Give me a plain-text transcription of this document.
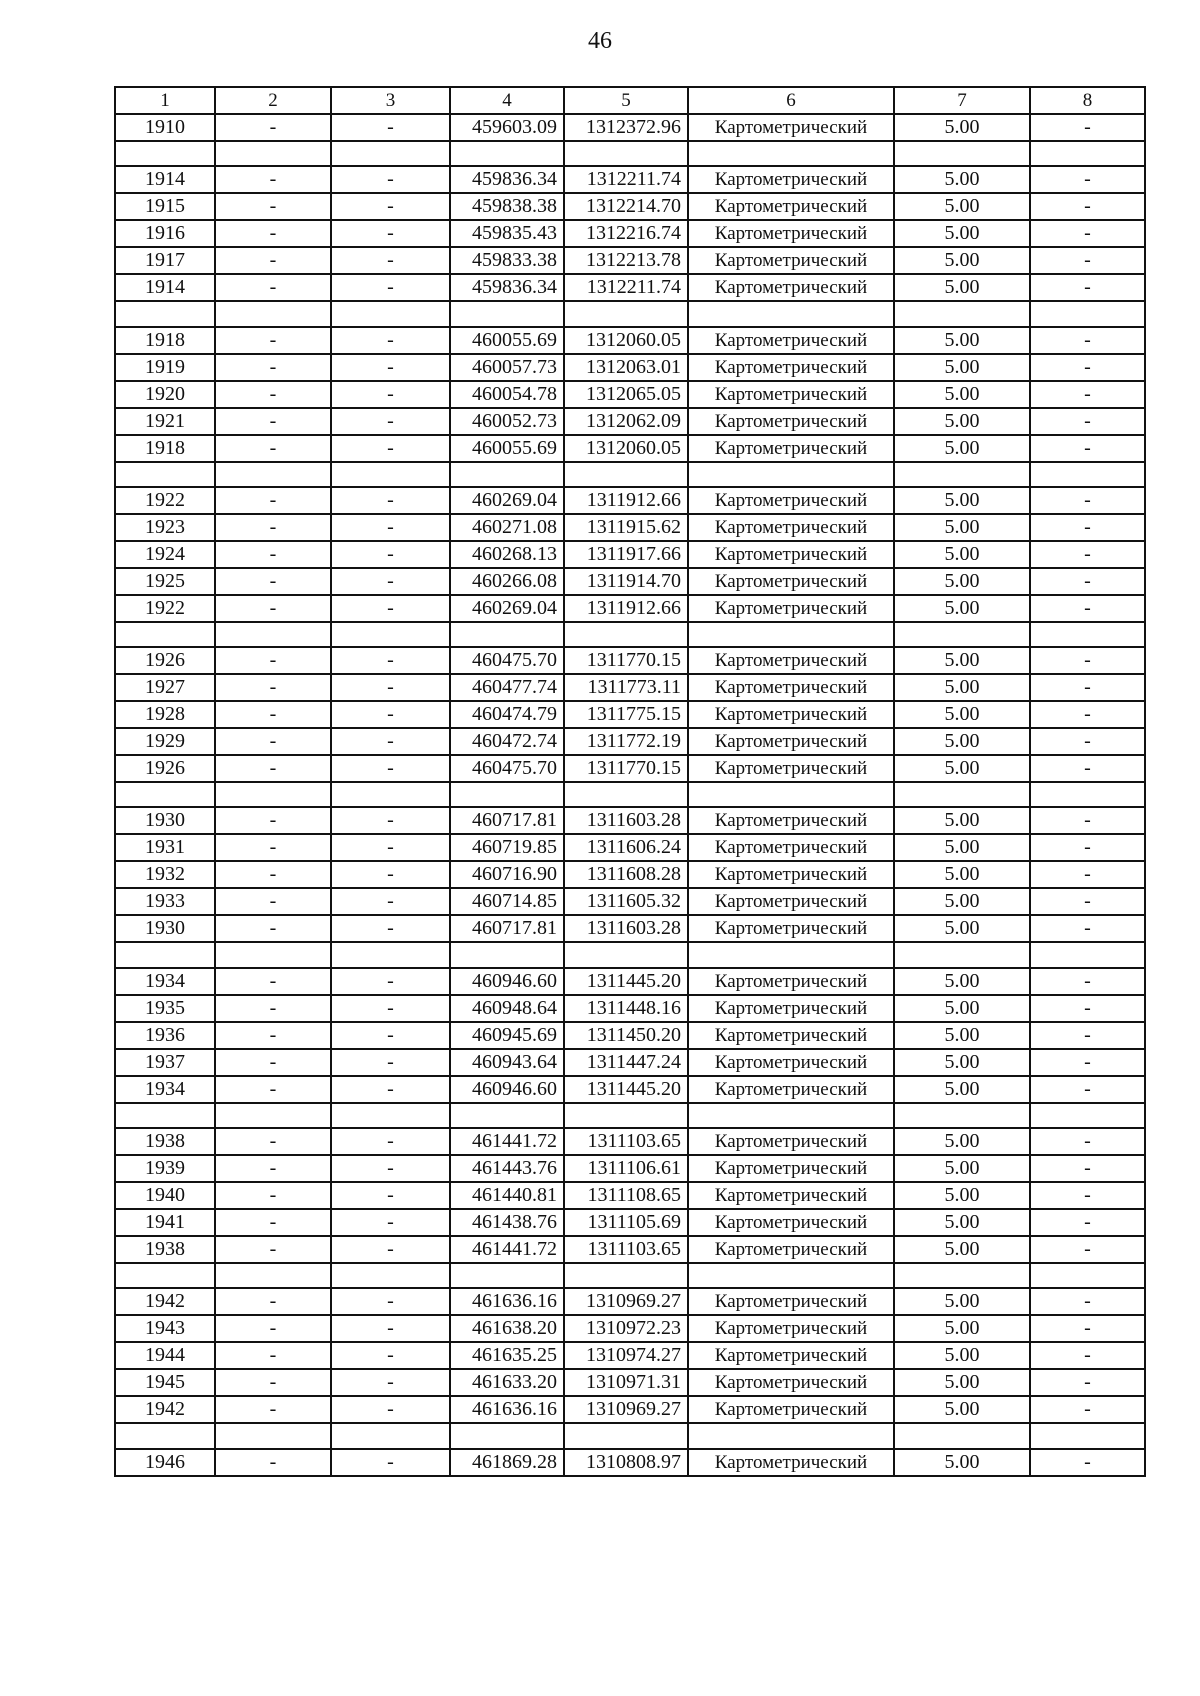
46
1	2	3	4	5	6	7	8
1910	-	-	459603.09	1312372.96	Картометрический	5.00	-

1914	-	-	459836.34	1312211.74	Картометрический	5.00	-
1915	-	-	459838.38	1312214.70	Картометрический	5.00	-
1916	-	-	459835.43	1312216.74	Картометрический	5.00	-
1917	-	-	459833.38	1312213.78	Картометрический	5.00	-
1914	-	-	459836.34	1312211.74	Картометрический	5.00	-

1918	-	-	460055.69	1312060.05	Картометрический	5.00	-
1919	-	-	460057.73	1312063.01	Картометрический	5.00	-
1920	-	-	460054.78	1312065.05	Картометрический	5.00	-
1921	-	-	460052.73	1312062.09	Картометрический	5.00	-
1918	-	-	460055.69	1312060.05	Картометрический	5.00	-

1922	-	-	460269.04	1311912.66	Картометрический	5.00	-
1923	-	-	460271.08	1311915.62	Картометрический	5.00	-
1924	-	-	460268.13	1311917.66	Картометрический	5.00	-
1925	-	-	460266.08	1311914.70	Картометрический	5.00	-
1922	-	-	460269.04	1311912.66	Картометрический	5.00	-

1926	-	-	460475.70	1311770.15	Картометрический	5.00	-
1927	-	-	460477.74	1311773.11	Картометрический	5.00	-
1928	-	-	460474.79	1311775.15	Картометрический	5.00	-
1929	-	-	460472.74	1311772.19	Картометрический	5.00	-
1926	-	-	460475.70	1311770.15	Картометрический	5.00	-

1930	-	-	460717.81	1311603.28	Картометрический	5.00	-
1931	-	-	460719.85	1311606.24	Картометрический	5.00	-
1932	-	-	460716.90	1311608.28	Картометрический	5.00	-
1933	-	-	460714.85	1311605.32	Картометрический	5.00	-
1930	-	-	460717.81	1311603.28	Картометрический	5.00	-

1934	-	-	460946.60	1311445.20	Картометрический	5.00	-
1935	-	-	460948.64	1311448.16	Картометрический	5.00	-
1936	-	-	460945.69	1311450.20	Картометрический	5.00	-
1937	-	-	460943.64	1311447.24	Картометрический	5.00	-
1934	-	-	460946.60	1311445.20	Картометрический	5.00	-

1938	-	-	461441.72	1311103.65	Картометрический	5.00	-
1939	-	-	461443.76	1311106.61	Картометрический	5.00	-
1940	-	-	461440.81	1311108.65	Картометрический	5.00	-
1941	-	-	461438.76	1311105.69	Картометрический	5.00	-
1938	-	-	461441.72	1311103.65	Картометрический	5.00	-

1942	-	-	461636.16	1310969.27	Картометрический	5.00	-
1943	-	-	461638.20	1310972.23	Картометрический	5.00	-
1944	-	-	461635.25	1310974.27	Картометрический	5.00	-
1945	-	-	461633.20	1310971.31	Картометрический	5.00	-
1942	-	-	461636.16	1310969.27	Картометрический	5.00	-

1946	-	-	461869.28	1310808.97	Картометрический	5.00	-
